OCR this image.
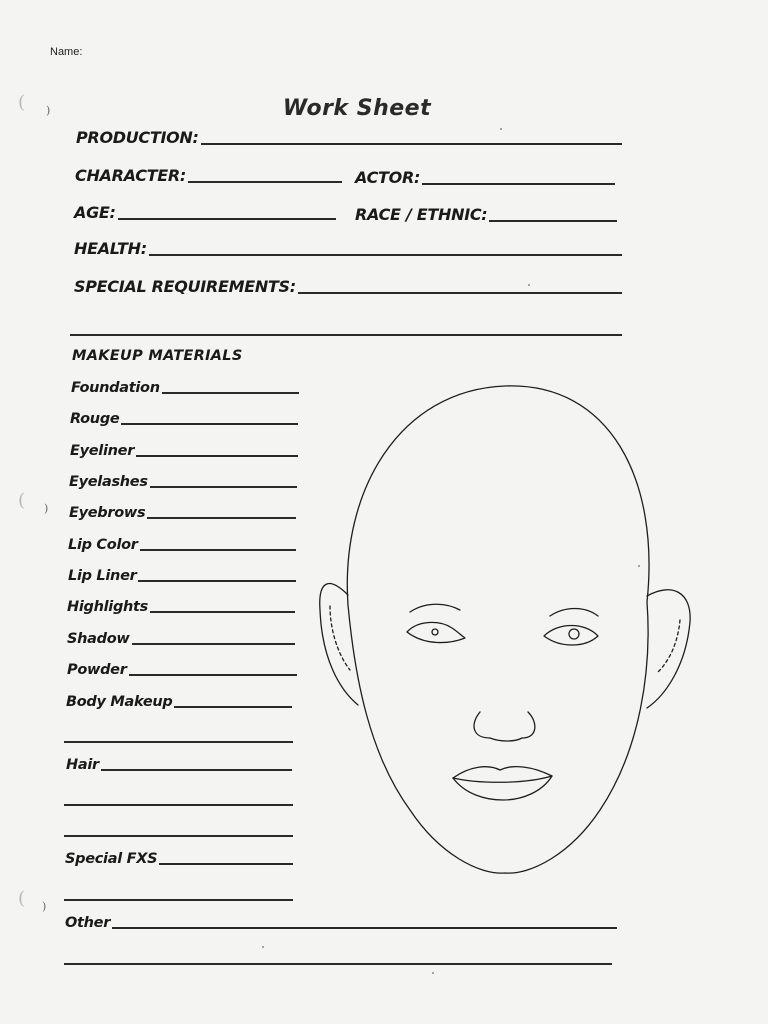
( )
( )
( )
Name:
Work Sheet
PRODUCTION:
CHARACTER:	ACTOR:
AGE:	RACE / ETHNIC:
HEALTH:
SPECIAL REQUIREMENTS:
MAKEUP MATERIALS
Foundation
Rouge
Eyeliner
Eyelashes
Eyebrows
Lip Color
Lip Liner
Highlights
Shadow
Powder
Body Makeup
Hair
Special FXS
Other
